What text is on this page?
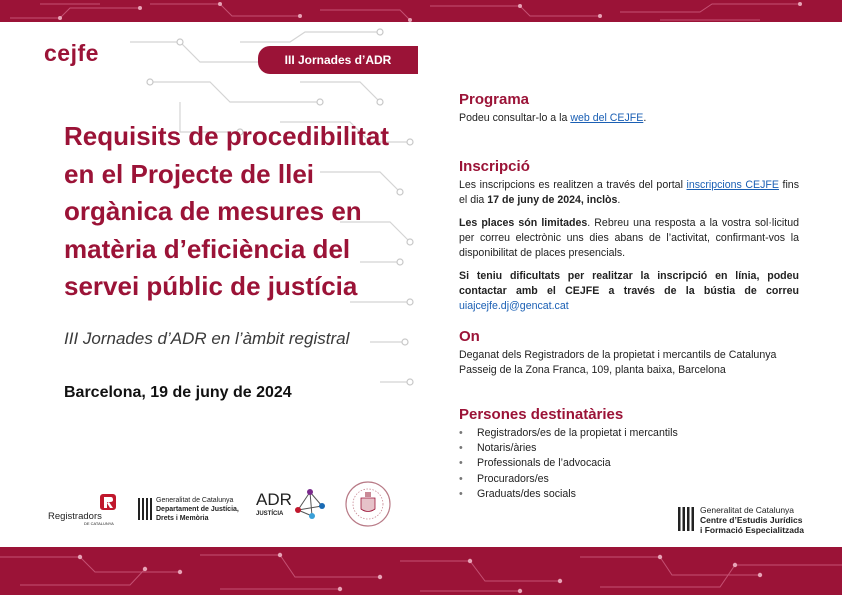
cejfe	III Jornades d’ADR
Requisits de procedibilitat
en el Projecte de llei
orgànica de mesures en
matèria d’eficiència del
servei públic de justícia
III Jornades d’ADR en l’àmbit registral
Barcelona, 19 de juny de 2024
Programa

Podeu consultar-lo a la web del CEJFE.

Inscripció

Les inscripcions es realitzen a través del portal inscripcions CEJFE fins el dia 17 de juny de 2024, inclòs.

Les places són limitades. Rebreu una resposta a la vostra sol·licitud per correu electrònic uns dies abans de l’activitat, confirmant-vos la disponibilitat de places presencials.

Si teniu dificultats per realitzar la inscripció en línia, podeu contactar amb el CEJFE a través de la bústia de correu uiajcejfe.dj@gencat.cat

On

Deganat dels Registradors de la propietat i mercantils de Catalunya

Passeig de la Zona Franca, 109, planta baixa, Barcelona

Persones destinatàries
• Registradors/es de la propietat i mercantils
• Notaris/àries
• Professionals de l’advocacia
• Procuradors/es
• Graduats/des socials
Registradors
DE CATALUNYA
Generalitat de Catalunya
Departament de Justícia,
Drets i Memòria
ADR
JUSTÍCIA	Generalitat de Catalunya
Centre d’Estudis Jurídics
i Formació Especialitzada
